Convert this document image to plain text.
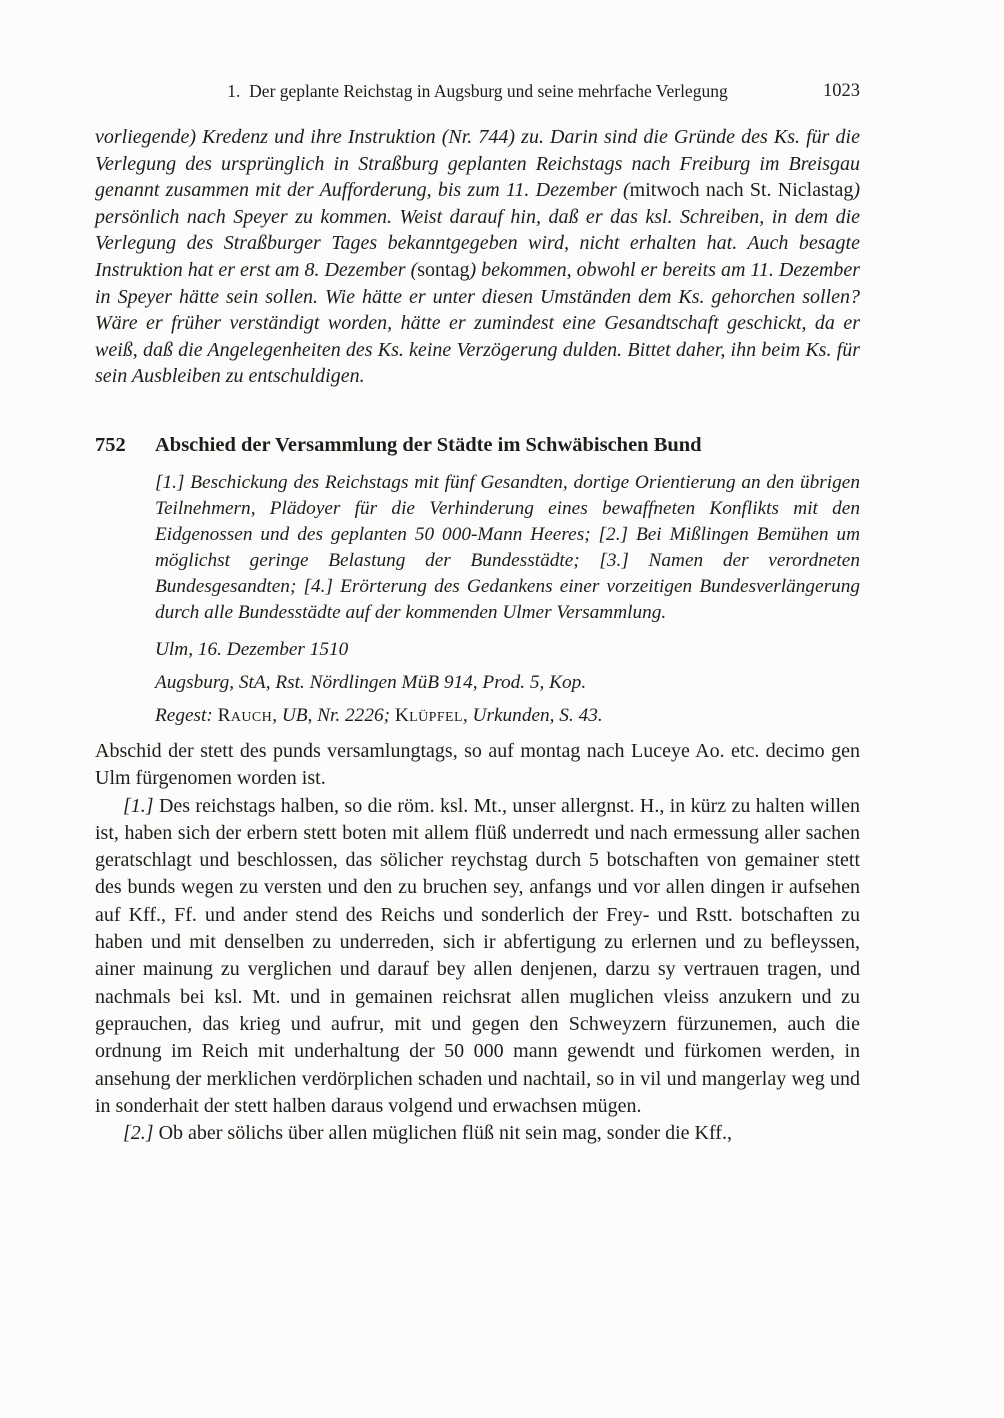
1.  Der geplante Reichstag in Augsburg und seine mehrfache Verlegung	1023

vorliegende) Kredenz und ihre Instruktion (Nr. 744) zu. Darin sind die Gründe des Ks. für die Verlegung des ursprünglich in Straßburg geplanten Reichstags nach Freiburg im Breisgau genannt zusammen mit der Aufforderung, bis zum 11. Dezember (mitwoch nach St. Niclastag) persönlich nach Speyer zu kommen. Weist darauf hin, daß er das ksl. Schreiben, in dem die Verlegung des Straßburger Tages bekanntgegeben wird, nicht erhalten hat. Auch besagte Instruktion hat er erst am 8. Dezember (sontag) bekommen, obwohl er bereits am 11. Dezember in Speyer hätte sein sollen. Wie hätte er unter diesen Umständen dem Ks. gehorchen sollen? Wäre er früher verständigt worden, hätte er zumindest eine Gesandtschaft geschickt, da er weiß, daß die Angelegenheiten des Ks. keine Verzögerung dulden. Bittet daher, ihn beim Ks. für sein Ausbleiben zu entschuldigen.

752	Abschied der Versammlung der Städte im Schwäbischen Bund

[1.] Beschickung des Reichstags mit fünf Gesandten, dortige Orientierung an den übrigen Teilnehmern, Plädoyer für die Verhinderung eines bewaffneten Konflikts mit den Eidgenossen und des geplanten 50 000-Mann Heeres; [2.] Bei Mißlingen Bemühen um möglichst geringe Belastung der Bundesstädte; [3.] Namen der verordneten Bundesgesandten; [4.] Erörterung des Gedankens einer vorzeitigen Bundesverlängerung durch alle Bundesstädte auf der kommenden Ulmer Versammlung.

Ulm, 16. Dezember 1510

Augsburg, StA, Rst. Nördlingen MüB 914, Prod. 5, Kop.

Regest: Rauch, UB, Nr. 2226; Klüpfel, Urkunden, S. 43.

Abschid der stett des punds versamlungtags, so auf montag nach Luceye Ao. etc. decimo gen Ulm fürgenomen worden ist.

[1.] Des reichstags halben, so die röm. ksl. Mt., unser allergnst. H., in kürz zu halten willen ist, haben sich der erbern stett boten mit allem flüß underredt und nach ermessung aller sachen geratschlagt und beschlossen, das sölicher reychstag durch 5 botschaften von gemainer stett des bunds wegen zu versten und den zu bruchen sey, anfangs und vor allen dingen ir aufsehen auf Kff., Ff. und ander stend des Reichs und sonderlich der Frey- und Rstt. botschaften zu haben und mit denselben zu underreden, sich ir abfertigung zu erlernen und zu befleyssen, ainer mainung zu verglichen und darauf bey allen denjenen, darzu sy vertrauen tragen, und nachmals bei ksl. Mt. und in gemainen reichsrat allen muglichen vleiss anzukern und zu geprauchen, das krieg und aufrur, mit und gegen den Schweyzern fürzunemen, auch die ordnung im Reich mit underhaltung der 50 000 mann gewendt und fürkomen werden, in ansehung der merklichen verdörplichen schaden und nachtail, so in vil und mangerlay weg und in sonderhait der stett halben daraus volgend und erwachsen mügen.

[2.] Ob aber sölichs über allen müglichen flüß nit sein mag, sonder die Kff.,
